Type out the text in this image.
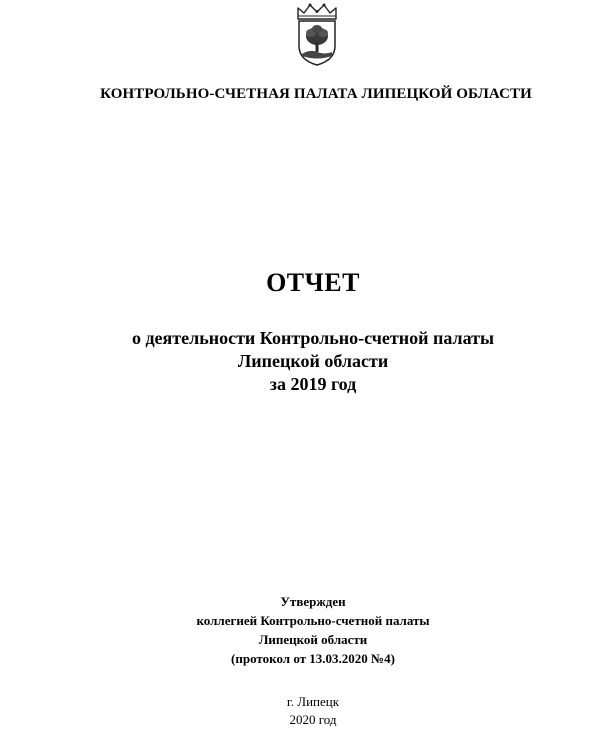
КОНТРОЛЬНО-СЧЕТНАЯ ПАЛАТА ЛИПЕЦКОЙ ОБЛАСТИ
ОТЧЕТ
о деятельности Контрольно-счетной палаты
Липецкой области
за 2019 год
Утвержден
коллегией Контрольно-счетной палаты
Липецкой области
(протокол от 13.03.2020 №4)
г. Липецк
2020 год
